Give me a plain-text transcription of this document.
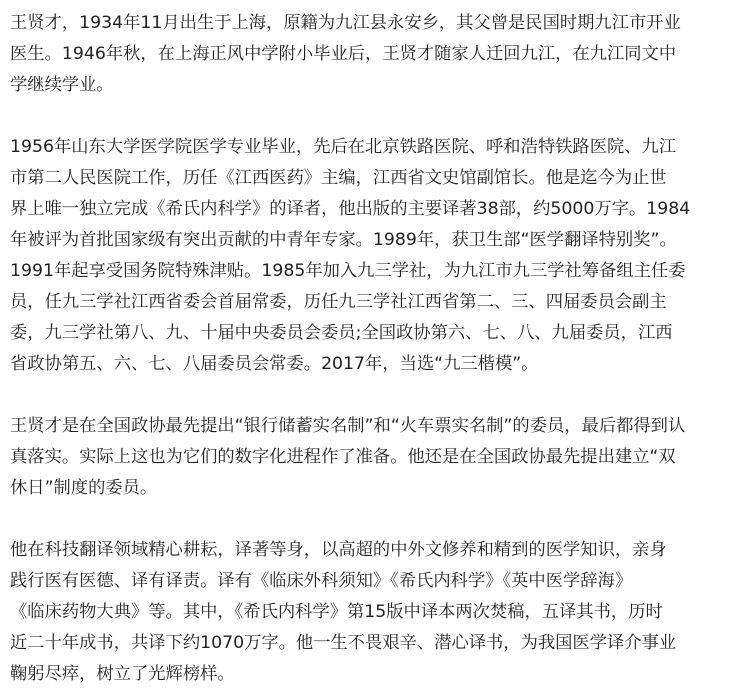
王贤才，1934年11月出生于上海，原籍为九江县永安乡，其父曾是民国时期九江市开业
医生。1946年秋，在上海正风中学附小毕业后，王贤才随家人迁回九江，在九江同文中
学继续学业。

1956年山东大学医学院医学专业毕业，先后在北京铁路医院、呼和浩特铁路医院、九江
市第二人民医院工作，历任《江西医药》主编，江西省文史馆副馆长。他是迄今为止世
界上唯一独立完成《希氏内科学》的译者，他出版的主要译著38部，约5000万字。1984
年被评为首批国家级有突出贡献的中青年专家。1989年，获卫生部“医学翻译特别奖”。
1991年起享受国务院特殊津贴。1985年加入九三学社，为九江市九三学社筹备组主任委
员，任九三学社江西省委会首届常委，历任九三学社江西省第二、三、四届委员会副主
委，九三学社第八、九、十届中央委员会委员;全国政协第六、七、八、九届委员，江西
省政协第五、六、七、八届委员会常委。2017年，当选“九三楷模”。

王贤才是在全国政协最先提出“银行储蓄实名制”和“火车票实名制”的委员，最后都得到认
真落实。实际上这也为它们的数字化进程作了准备。他还是在全国政协最先提出建立“双
休日”制度的委员。

他在科技翻译领域精心耕耘，译著等身，以高超的中外文修养和精到的医学知识，亲身
践行医有医德、译有译责。译有《临床外科须知》《希氏内科学》《英中医学辞海》
《临床药物大典》等。其中，《希氏内科学》第15版中译本两次焚稿，五译其书，历时
近二十年成书，共译下约1070万字。他一生不畏艰辛、潜心译书，为我国医学译介事业
鞠躬尽瘁，树立了光辉榜样。
